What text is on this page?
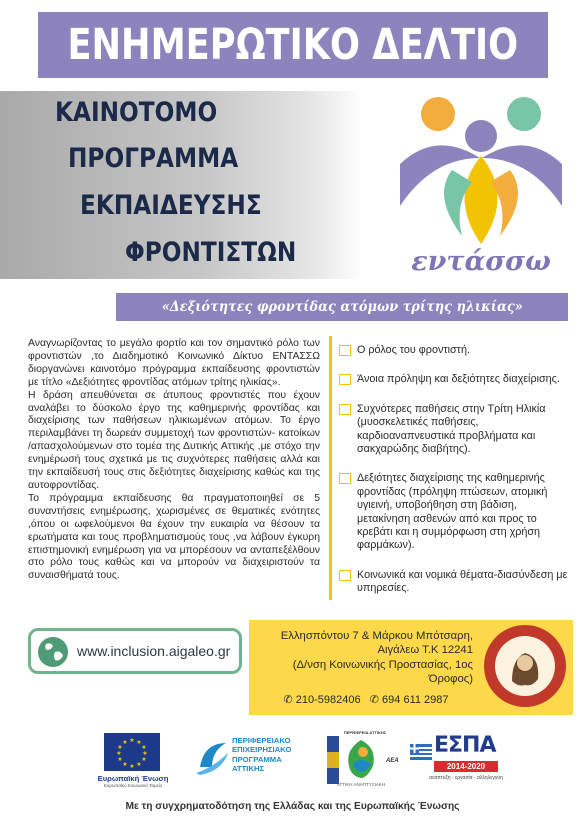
ΕΝΗΜΕΡΩΤΙΚΟ ΔΕΛΤΙΟ
ΚΑΙΝΟΤΟΜΟ
ΠΡΟΓΡΑΜΜΑ
ΕΚΠΑΙΔΕΥΣΗΣ
ΦΡΟΝΤΙΣΤΩΝ	εντάσσω
«Δεξιότητες φροντίδας ατόμων τρίτης ηλικίας»

Αναγνωρίζοντας το μεγάλο φορτίο και τον σημαντικό ρόλο των φροντιστών ,το Διαδημοτικό Κοινωνικό Δίκτυο ΕΝΤΑΣΣΩ διοργανώνει καινοτόμο πρόγραμμα εκπαίδευσης φροντιστών με τίτλο «Δεξιότητες φροντίδας ατόμων τρίτης ηλικίας».

Η δράση απευθύνεται σε άτυπους φροντιστές που έχουν αναλάβει το δύσκολο έργο της καθημερινής φροντίδας και διαχείρισης των παθήσεων ηλικιωμένων ατόμων. Το έργο περιλαμβάνει τη δωρεάν συμμετοχή των φροντιστών- κατοίκων /απασχολούμενων στο τομέα της Δυτικής Αττικής ,με στόχο την ενημέρωσή τους σχετικά με τις συχνότερες παθήσεις αλλά και την εκπαίδευσή τους στις δεξιότητες διαχείρισης καθώς και της αυτοφροντίδας.

Το πρόγραμμα εκπαίδευσης θα πραγματοποιηθεί σε 5 συναντήσεις ενημέρωσης, χωρισμένες σε θεματικές ενότητες ,όπου οι ωφελούμενοι θα έχουν την ευκαιρία να θέσουν τα ερωτήματα και τους προβληματισμούς τους ,να λάβουν έγκυρη επιστημονική ενημέρωση για να μπορέσουν να ανταπεξέλθουν στο ρόλο τους καθώς και να μπορούν να διαχειριστούν τα συναισθήματά τους.

Ο ρόλος του φροντιστή.
Άνοια πρόληψη και δεξιότητες διαχείρισης.
Συχνότερες παθήσεις στην Τρίτη Ηλικία (μυοσκελετικές παθήσεις, καρδιοαναπνευστικά προβλήματα και σακχαρώδης διαβήτης).
Δεξιότητες διαχείρισης της καθημερινής φροντίδας (πρόληψη πτώσεων, ατομική υγιεινή, υποβοήθηση στη βάδιση, μετακίνηση ασθενών από και προς το κρεβάτι και η συμμόρφωση στη χρήση φαρμάκων).
Κοινωνικά και νομικά θέματα-διασύνδεση με υπηρεσίες.
www.inclusion.aigaleo.gr
Ελλησπόντου 7 & Μάρκου Μπότσαρη,
Αιγάλεω Τ.Κ 12241
(Δ/νση Κοινωνικής Προστασίας, 1ος Όροφος)
✆ 210-5982406 ✆ 694 611 2987
★ ★
★
★
★
★
★
★
★
★
★
★
Ευρωπαϊκή Ένωση
Ευρωπαϊκό Κοινωνικό Ταμείο
ΠΕΡΙΦΕΡΕΙΑΚΟ
ΕΠΙΧΕΙΡΗΣΙΑΚΟ
ΠΡΟΓΡΑΜΜΑ
ΑΤΤΙΚΗΣ
ΠΕΡΙΦΕΡΕΙΑ ΑΤΤΙΚΗΣ
ΑΤΤΙΚΗ ΑΝΑΠΤΥΞΙΑΚΗ
ΑΕΑ
ΕΣΠΑ
2014-2020
ανάπτυξη - εργασία - αλληλεγγύη
Με τη συγχρηματοδότηση της Ελλάδας και της Ευρωπαϊκής Ένωσης
